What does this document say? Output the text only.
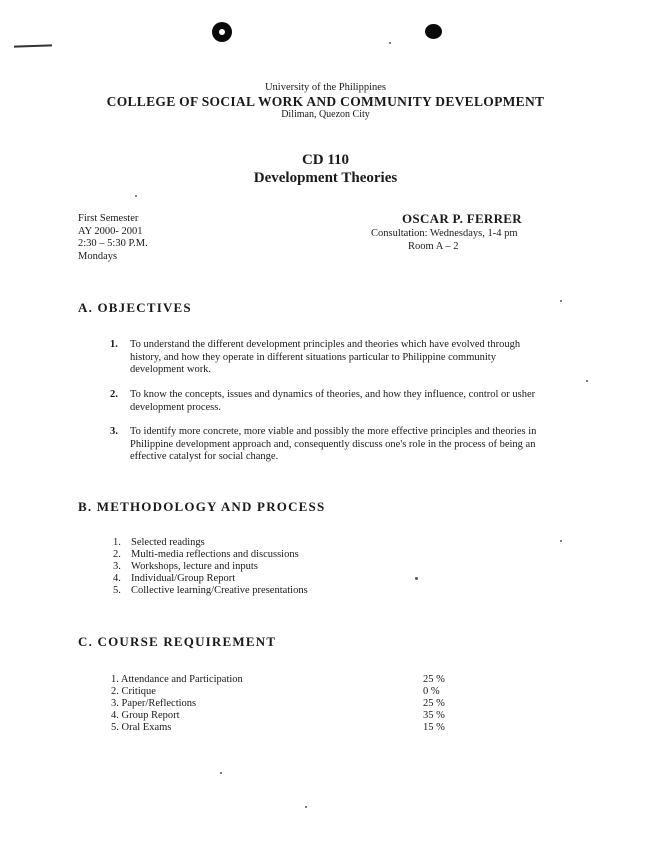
University of the Philippines
COLLEGE OF SOCIAL WORK AND COMMUNITY DEVELOPMENT
Diliman, Quezon City
CD 110
Development Theories
First Semester
AY 2000- 2001
2:30 – 5:30 P.M.
Mondays
OSCAR P. FERRER
Consultation: Wednesdays, 1-4 pm
Room A – 2
A. OBJECTIVES
1. To understand the different development principles and theories which have evolved through history, and how they operate in different situations particular to Philippine community development work.
2. To know the concepts, issues and dynamics of theories, and how they influence, control or usher development process.
3. To identify more concrete, more viable and possibly the more effective principles and theories in Philippine development approach and, consequently discuss one's role in the process of being an effective catalyst for social change.
B. METHODOLOGY AND PROCESS
1. Selected readings
2. Multi-media reflections and discussions
3. Workshops, lecture and inputs
4. Individual/Group Report
5. Collective learning/Creative presentations
C. COURSE REQUIREMENT
1. Attendance and Participation	25 %
2. Critique	0 %
3. Paper/Reflections	25 %
4. Group Report	35 %
5. Oral Exams	15 %
